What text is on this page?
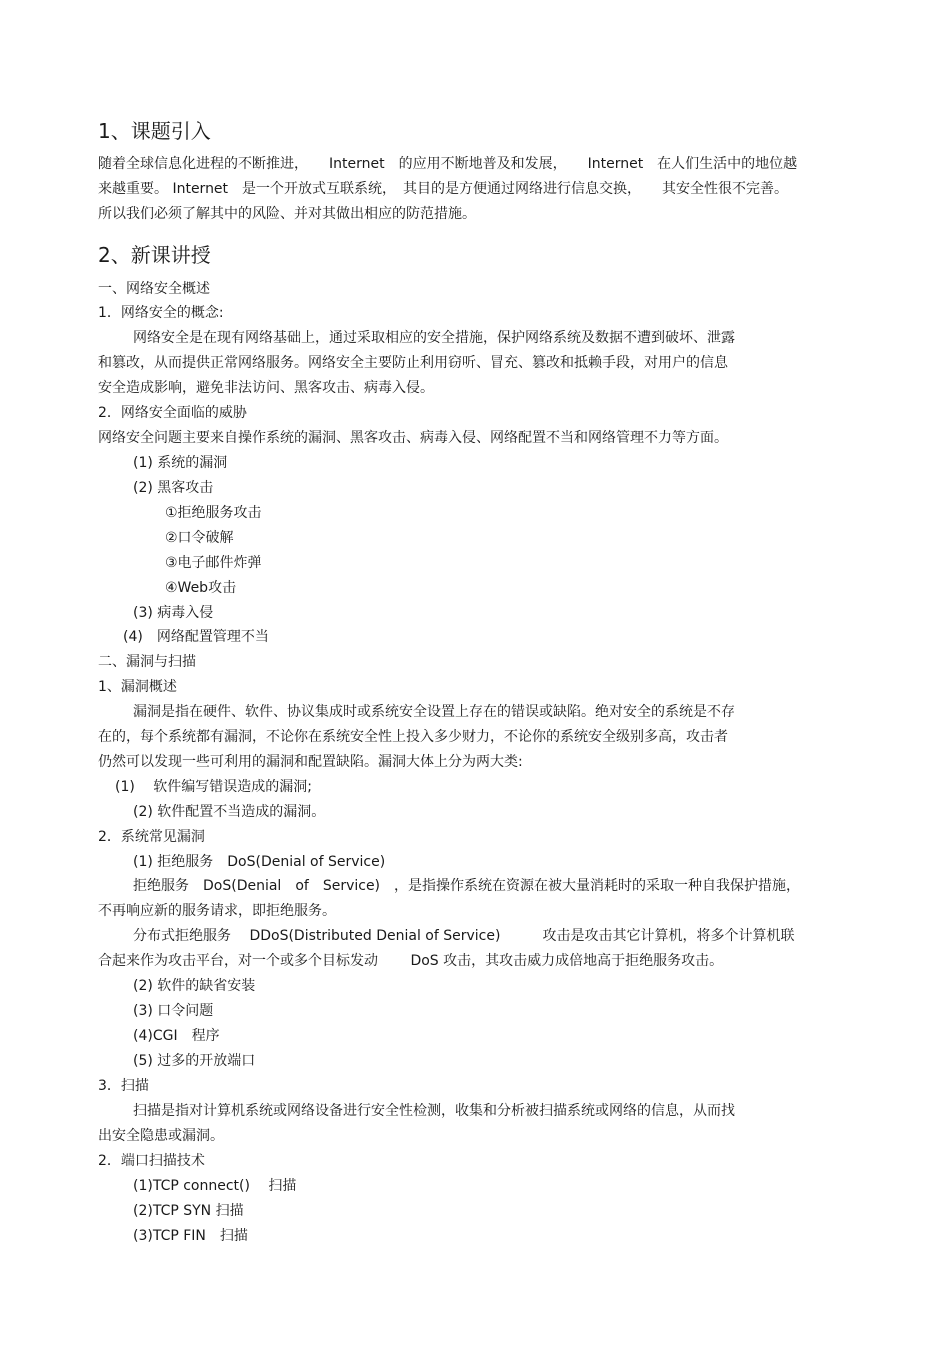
1、课题引入
随着全球信息化进程的不断推进，　　Internet　的应用不断地普及和发展，　　Internet　在人们生活中的地位越
来越重要。 Internet　是一个开放式互联系统，　其目的是方便通过网络进行信息交换，　　其安全性很不完善。
所以我们必须了解其中的风险、并对其做出相应的防范措施。
2、新课讲授
一、网络安全概述
1．网络安全的概念:
网络安全是在现有网络基础上，通过采取相应的安全措施，保护网络系统及数据不遭到破坏、泄露
和篡改，从而提供正常网络服务。网络安全主要防止利用窃听、冒充、篡改和抵赖手段，对用户的信息
安全造成影响，避免非法访问、黑客攻击、病毒入侵。
2．网络安全面临的威胁
网络安全问题主要来自操作系统的漏洞、黑客攻击、病毒入侵、网络配置不当和网络管理不力等方面。
(1) 系统的漏洞
(2) 黑客攻击
①拒绝服务攻击
②口令破解
③电子邮件炸弹
④Web攻击
(3) 病毒入侵
(4)　网络配置管理不当
二、漏洞与扫描
1、漏洞概述
漏洞是指在硬件、软件、协议集成时或系统安全设置上存在的错误或缺陷。绝对安全的系统是不存
在的，每个系统都有漏洞，不论你在系统安全性上投入多少财力，不论你的系统安全级别多高，攻击者
仍然可以发现一些可利用的漏洞和配置缺陷。漏洞大体上分为两大类:
(1)　 软件编写错误造成的漏洞;
(2) 软件配置不当造成的漏洞。
2．系统常见漏洞
(1) 拒绝服务　DoS(Denial of Service)
拒绝服务　DoS(Denial　of　Service)　，是指操作系统在资源在被大量消耗时的采取一种自我保护措施，
不再响应新的服务请求，即拒绝服务。
分布式拒绝服务　 DDoS(Distributed Denial of Service)　　　攻击是攻击其它计算机，将多个计算机联
合起来作为攻击平台，对一个或多个目标发动　　 DoS 攻击，其攻击威力成倍地高于拒绝服务攻击。
(2) 软件的缺省安装
(3) 口令问题
(4)CGI　程序
(5) 过多的开放端口
3．扫描
扫描是指对计算机系统或网络设备进行安全性检测，收集和分析被扫描系统或网络的信息，从而找
出安全隐患或漏洞。
2．端口扫描技术
(1)TCP connect()　 扫描
(2)TCP SYN 扫描
(3)TCP FIN　扫描
